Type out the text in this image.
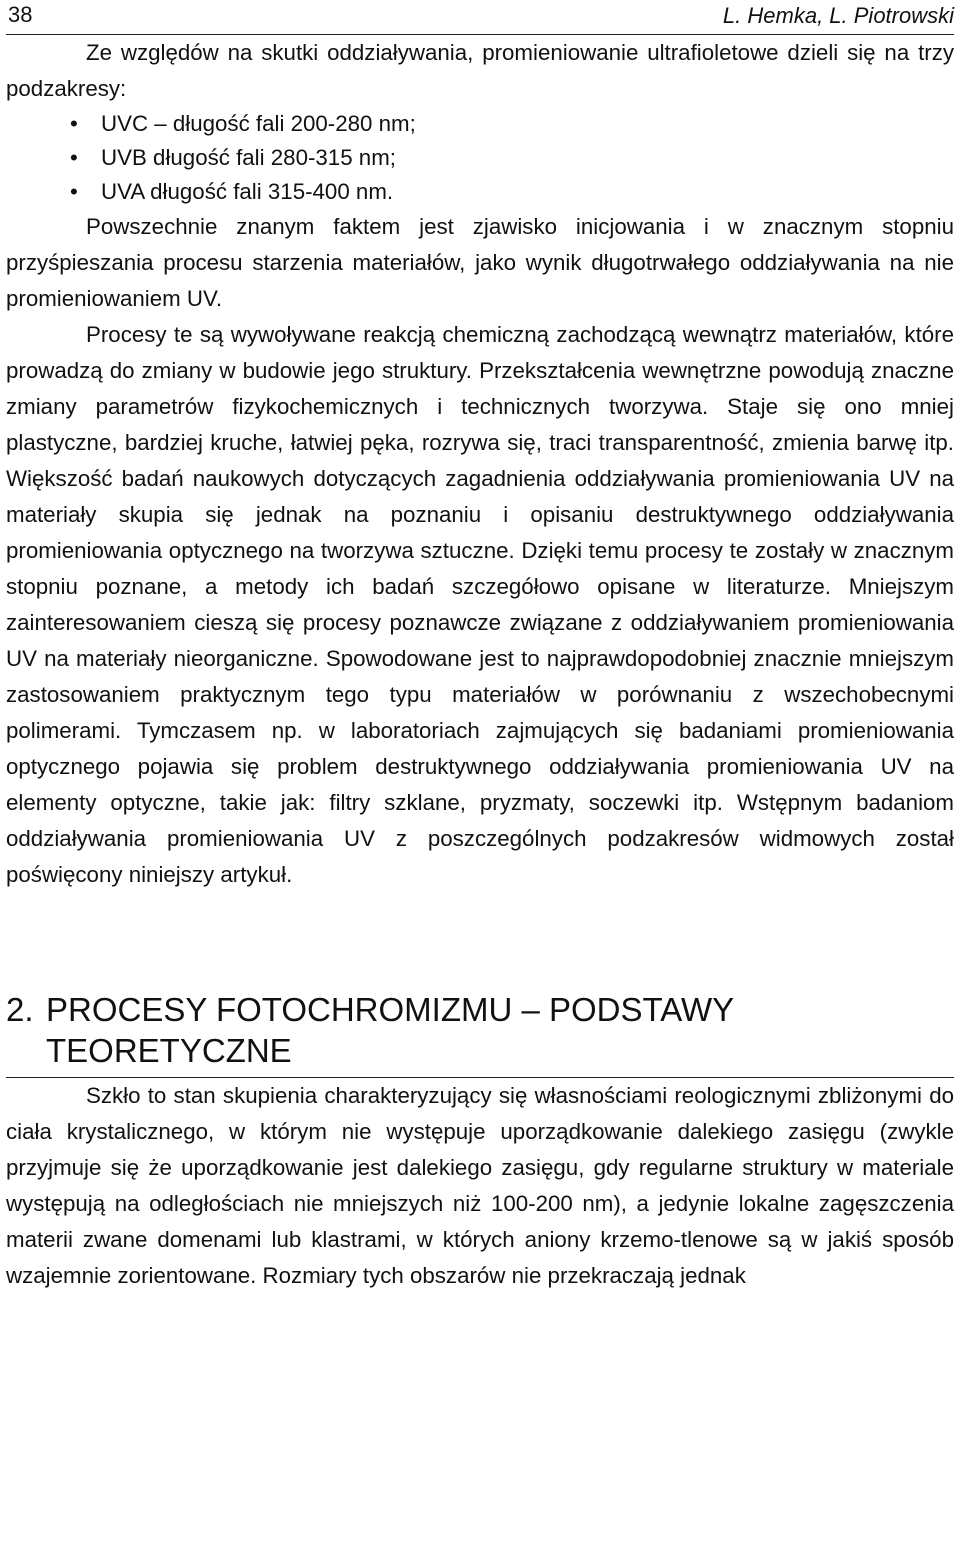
38	L. Hemka, L. Piotrowski

Ze względów na skutki oddziaływania, promieniowanie ultrafioletowe dzieli się na trzy podzakresy:

• UVC – długość fali 200-280 nm;
• UVB długość fali 280-315 nm;
• UVA długość fali 315-400 nm.

Powszechnie znanym faktem jest zjawisko inicjowania i w znacznym stopniu przyśpieszania procesu starzenia materiałów, jako wynik długotrwałego oddziaływania na nie promieniowaniem UV.

Procesy te są wywoływane reakcją chemiczną zachodzącą wewnątrz materiałów, które prowadzą do zmiany w budowie jego struktury. Przekształcenia wewnętrzne powodują znaczne zmiany parametrów fizykochemicznych i technicznych tworzywa. Staje się ono mniej plastyczne, bardziej kruche, łatwiej pęka, rozrywa się, traci transparentność, zmienia barwę itp. Większość badań naukowych dotyczących zagadnienia oddziaływania promieniowania UV na materiały skupia się jednak na poznaniu i opisaniu destruktywnego oddziaływania promieniowania optycznego na tworzywa sztuczne. Dzięki temu procesy te zostały w znacznym stopniu poznane, a metody ich badań szczegółowo opisane w literaturze. Mniejszym zainteresowaniem cieszą się procesy poznawcze związane z oddziaływaniem promieniowania UV na materiały nieorganiczne. Spowodowane jest to najprawdopodobniej znacznie mniejszym zastosowaniem praktycznym tego typu materiałów w porównaniu z wszechobecnymi polimerami. Tymczasem np. w laboratoriach zajmujących się badaniami promieniowania optycznego pojawia się problem destruktywnego oddziaływania promieniowania UV na elementy optyczne, takie jak: filtry szklane, pryzmaty, soczewki itp. Wstępnym badaniom oddziaływania promieniowania UV z poszczególnych podzakresów widmowych został poświęcony niniejszy artykuł.

2. PROCESY FOTOCHROMIZMU – PODSTAWY TEORETYCZNE

Szkło to stan skupienia charakteryzujący się własnościami reologicznymi zbliżonymi do ciała krystalicznego, w którym nie występuje uporządkowanie dalekiego zasięgu (zwykle przyjmuje się że uporządkowanie jest dalekiego zasięgu, gdy regularne struktury w materiale występują na odległościach nie mniejszych niż 100-200 nm), a jedynie lokalne zagęszczenia materii zwane domenami lub klastrami, w których aniony krzemo-tlenowe są w jakiś sposób wzajemnie zorientowane. Rozmiary tych obszarów nie przekraczają jednak
